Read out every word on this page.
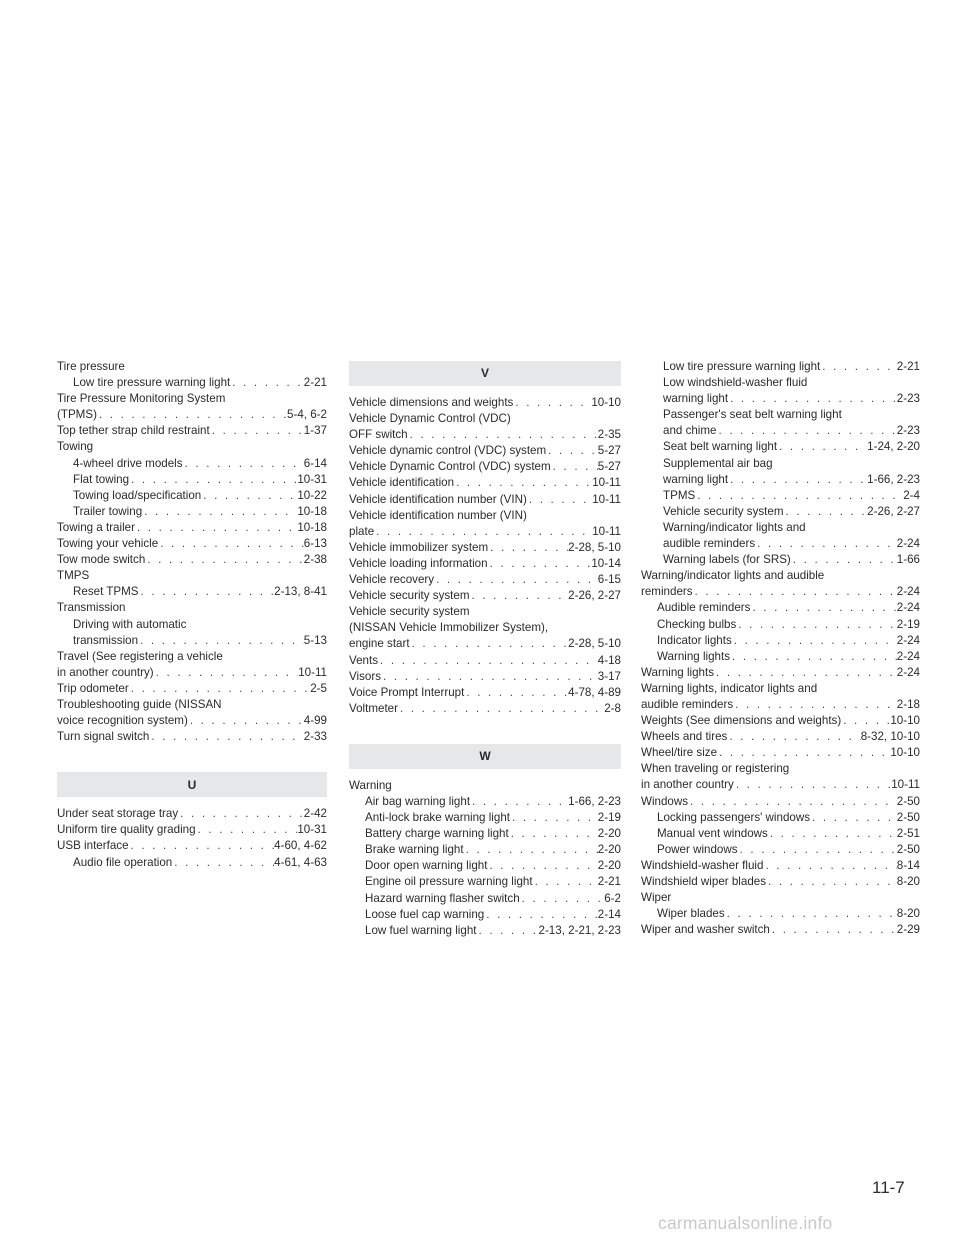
Tire pressure
Low tire pressure warning light . . .	2-21
Tire Pressure Monitoring System
(TPMS) . . .	5-4, 6-2
Top tether strap child restraint . . .	1-37
Towing
4-wheel drive models . . .	6-14
Flat towing . . .	10-31
Towing load/specification . . .	10-22
Trailer towing . . .	10-18
Towing a trailer . . .	10-18
Towing your vehicle . . .	6-13
Tow mode switch . . .	2-38
TMPS
Reset TPMS . . .	2-13, 8-41
Transmission
Driving with automatic
transmission . . .	5-13
Travel (See registering a vehicle
in another country) . . .	10-11
Trip odometer . . .	2-5
Troubleshooting guide (NISSAN
voice recognition system) . . .	4-99
Turn signal switch . . .	2-33
U
Under seat storage tray . . .	2-42
Uniform tire quality grading . . .	10-31
USB interface . . .	4-60, 4-62
Audio file operation . . .	4-61, 4-63
V
Vehicle dimensions and weights . . .	10-10
Vehicle Dynamic Control (VDC)
OFF switch . . .	2-35
Vehicle dynamic control (VDC) system . . .	5-27
Vehicle Dynamic Control (VDC) system . . .	5-27
Vehicle identification . . .	10-11
Vehicle identification number (VIN) . . .	10-11
Vehicle identification number (VIN)
plate . . .	10-11
Vehicle immobilizer system . . .	2-28, 5-10
Vehicle loading information . . .	10-14
Vehicle recovery . . .	6-15
Vehicle security system . . .	2-26, 2-27
Vehicle security system
(NISSAN Vehicle Immobilizer System),
engine start . . .	2-28, 5-10
Vents . . .	4-18
Visors . . .	3-17
Voice Prompt Interrupt . . .	4-78, 4-89
Voltmeter . . .	2-8
W
Warning
Air bag warning light . . .	1-66, 2-23
Anti-lock brake warning light . . .	2-19
Battery charge warning light . . .	2-20
Brake warning light . . .	2-20
Door open warning light . . .	2-20
Engine oil pressure warning light . . .	2-21
Hazard warning flasher switch . . .	6-2
Loose fuel cap warning . . .	2-14
Low fuel warning light . . .	2-13, 2-21, 2-23
Low tire pressure warning light . . .	2-21
Low windshield-washer fluid
warning light . . .	2-23
Passenger's seat belt warning light
and chime . . .	2-23
Seat belt warning light . . .	1-24, 2-20
Supplemental air bag
warning light . . .	1-66, 2-23
TPMS . . .	2-4
Vehicle security system . . .	2-26, 2-27
Warning/indicator lights and
audible reminders . . .	2-24
Warning labels (for SRS) . . .	1-66
Warning/indicator lights and audible
reminders . . .	2-24
Audible reminders . . .	2-24
Checking bulbs . . .	2-19
Indicator lights . . .	2-24
Warning lights . . .	2-24
Warning lights . . .	2-24
Warning lights, indicator lights and
audible reminders . . .	2-18
Weights (See dimensions and weights) . . .	10-10
Wheels and tires . . .	8-32, 10-10
Wheel/tire size . . .	10-10
When traveling or registering
in another country . . .	10-11
Windows . . .	2-50
Locking passengers' windows . . .	2-50
Manual vent windows . . .	2-51
Power windows . . .	2-50
Windshield-washer fluid . . .	8-14
Windshield wiper blades . . .	8-20
Wiper
Wiper blades . . .	8-20
Wiper and washer switch . . .	2-29
11-7
carmanualsonline.info
